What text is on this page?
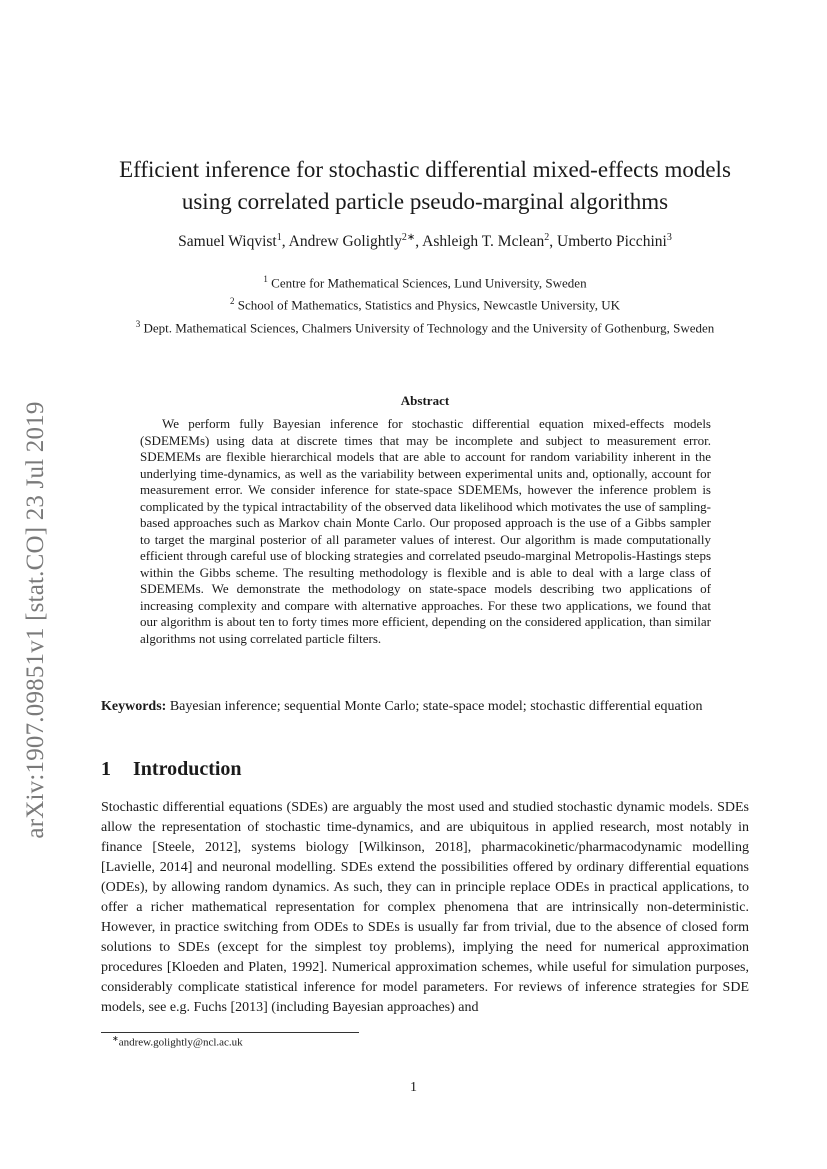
arXiv:1907.09851v1 [stat.CO] 23 Jul 2019
Efficient inference for stochastic differential mixed-effects models
using correlated particle pseudo-marginal algorithms
Samuel Wiqvist$^1$, Andrew Golightly$^{2∗}$, Ashleigh T. Mclean$^2$, Umberto Picchini$^3$
$^1$ Centre for Mathematical Sciences, Lund University, Sweden
$^2$ School of Mathematics, Statistics and Physics, Newcastle University, UK
$^3$ Dept. Mathematical Sciences, Chalmers University of Technology and the University of Gothenburg, Sweden
Abstract

We perform fully Bayesian inference for stochastic differential equation mixed-effects models (SDEMEMs) using data at discrete times that may be incomplete and subject to measurement error. SDEMEMs are flexible hierarchical models that are able to account for random variability inherent in the underlying time-dynamics, as well as the variability between experimental units and, optionally, account for measurement error. We consider inference for state-space SDEMEMs, however the inference problem is complicated by the typical intractability of the observed data likelihood which motivates the use of sampling-based approaches such as Markov chain Monte Carlo. Our proposed approach is the use of a Gibbs sampler to target the marginal posterior of all parameter values of interest. Our algorithm is made computationally efficient through careful use of blocking strategies and correlated pseudo-marginal Metropolis-Hastings steps within the Gibbs scheme. The resulting methodology is flexible and is able to deal with a large class of SDEMEMs. We demonstrate the methodology on state-space models describing two applications of increasing complexity and compare with alternative approaches. For these two applications, we found that our algorithm is about ten to forty times more efficient, depending on the considered application, than similar algorithms not using correlated particle filters.

Keywords: Bayesian inference; sequential Monte Carlo; state-space model; stochastic differential equation

1 Introduction

Stochastic differential equations (SDEs) are arguably the most used and studied stochastic dynamic models. SDEs allow the representation of stochastic time-dynamics, and are ubiquitous in applied research, most notably in finance [Steele, 2012], systems biology [Wilkinson, 2018], pharmacokinetic/pharmacodynamic modelling [Lavielle, 2014] and neuronal modelling. SDEs extend the possibilities offered by ordinary differential equations (ODEs), by allowing random dynamics. As such, they can in principle replace ODEs in practical applications, to offer a richer mathematical representation for complex phenomena that are intrinsically non-deterministic. However, in practice switching from ODEs to SDEs is usually far from trivial, due to the absence of closed form solutions to SDEs (except for the simplest toy problems), implying the need for numerical approximation procedures [Kloeden and Platen, 1992]. Numerical approximation schemes, while useful for simulation purposes, considerably complicate statistical inference for model parameters. For reviews of inference strategies for SDE models, see e.g. Fuchs [2013] (including Bayesian approaches) and

∗andrew.golightly@ncl.ac.uk
1
